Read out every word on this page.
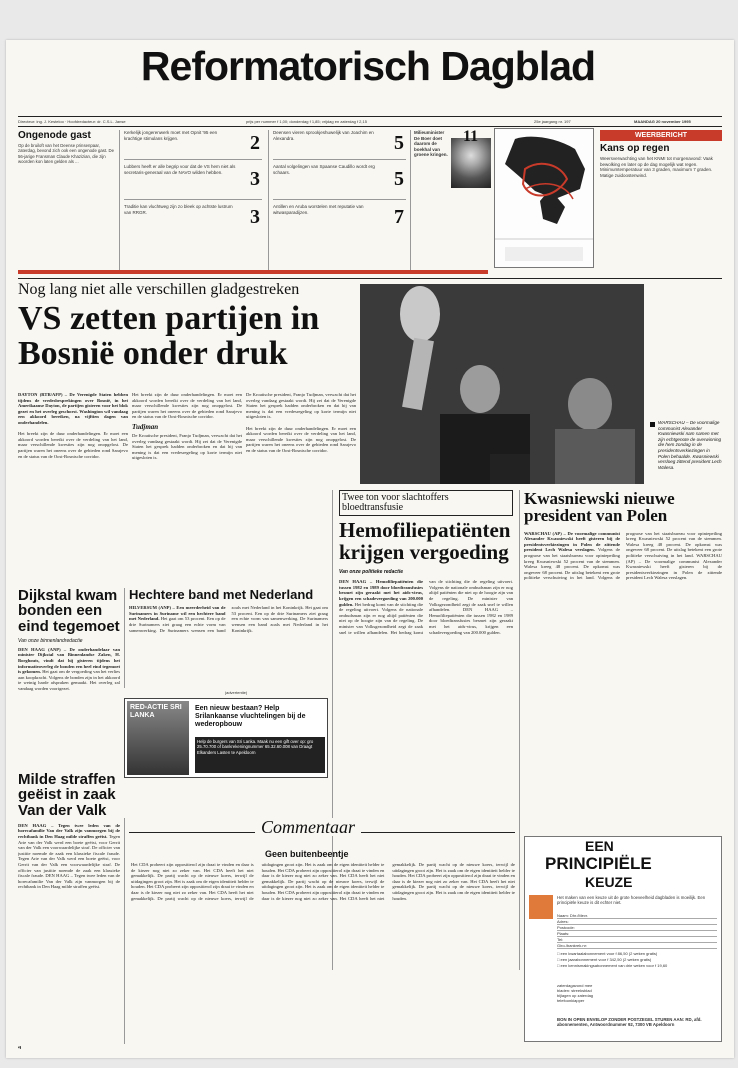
Reformatorisch Dagblad
Directeur: ing. J. Kesteloo · Hoofdredacteur: dr. C.S.L. Janse	prijs per nummer f 1,00; donderdag f 1,85; vrijdag en zaterdag f 2,15	25e jaargang nr. 197	MAANDAG 20 november 1995
Ongenode gast
Op de bruiloft van het Deense prinsenpaar, zaterdag, bevond zich ook een ongenode gast. De 56-jarige Fransman Claude Khazizian, die zijn woorden kon laten gelden als ...
Kerkelijk jongerenwerk moet met Opnit '95 een krachtige stimulans krijgen.	2
Lubbers heeft er alle begrip voor dat de VS hem niet als secretaris-generaal van de NAVO wilden hebben.	3
Traditie kan vluchtweg zijn zo bleek op achtste lustrum van RRGR.	3
Deensen vieren sprookjeshuwelijk van Joachim en Alexandra.	5
Aantal volgelingen van Spaanse Caudillo wordt erg schaars.	5
Antillen en Aruba worstelen met reputatie van witwasparadijzen.	7
Milieuminister De Boer doet daarom de boekhal van groene kringen.
11	WEERBERICHT
Kans op regen
Weersverwachting van het KNMI tot morgenavond: Vaak bewolking en later op de dag mogelijk wat regen. Minimumtemperatuur van 3 graden, maximum 7 graden. Matige zuidoostenwind.
Nog lang niet alle verschillen gladgestreken
VS zetten partijen in Bosnië onder druk
DAYTON (RTR/AFP) – De Verenigde Staten hebben tijdens de vredesbesprekingen over Bosnië, in het Amerikaanse Dayton, de partijen gisteren voor het blok gezet en het overleg geschorst. Washington wil vandaag een akkoord bereiken, na vijftien dagen van onderhandelen.

Het breekt zijn de duur onderhandelingen. Er moet een akkoord worden bereikt over de verdeling van het land, maar verschillende kwesties zijn nog onopgelost. De partijen waren het oneens over de gebieden rond Sarajevo en de status van de Oost-Bosnische corridor.
Het breekt zijn de duur onderhandelingen. Er moet een akkoord worden bereikt over de verdeling van het land, maar verschillende kwesties zijn nog onopgelost. De partijen waren het oneens over de gebieden rond Sarajevo en de status van de Oost-Bosnische corridor.

Tudjman
De Kroatische president, Franjo Tudjman, verwacht dat het overleg vandaag gestaakt wordt. Hij zei dat de Verenigde Staten het gesprek hadden onderbroken en dat hij van mening is dat een vredesregeling op korte termijn niet uitgesloten is.
De Kroatische president, Franjo Tudjman, verwacht dat het overleg vandaag gestaakt wordt. Hij zei dat de Verenigde Staten het gesprek hadden onderbroken en dat hij van mening is dat een vredesregeling op korte termijn niet uitgesloten is.

Het breekt zijn de duur onderhandelingen. Er moet een akkoord worden bereikt over de verdeling van het land, maar verschillende kwesties zijn nog onopgelost. De partijen waren het oneens over de gebieden rond Sarajevo en de status van de Oost-Bosnische corridor.
WARSCHAU – De voormalige communist Alexander Kwasniewski nam samen met zijn echtgenote de overwinning die hem zondag in de presidentsverkiezingen in Polen behaalde. Kwasniewski versloeg zittend president Lech Walesa.
Twee ton voor slachtoffers bloedtransfusie
Hemofiliepatiënten krijgen vergoeding
Van onze politieke redactie
DEN HAAG – Hemofiliepatiënten die tussen 1982 en 1989 door bloedtransfusies besmet zijn geraakt met het aids-virus, krijgen een schadevergoeding van 200.000 gulden. Het bedrag komt van de stichting die de regeling uitvoert. Volgens de nationale ombudsman zijn er nog altijd patiënten die niet op de hoogte zijn van de regeling. De minister van Volksgezondheid zegt de zaak snel te willen afhandelen. Het bedrag komt van de stichting die de regeling uitvoert. Volgens de nationale ombudsman zijn er nog altijd patiënten die niet op de hoogte zijn van de regeling. De minister van Volksgezondheid zegt de zaak snel te willen afhandelen.	DEN HAAG – Hemofiliepatiënten die tussen 1982 en 1989 door bloedtransfusies besmet zijn geraakt met het aids-virus, krijgen een schadevergoeding van 200.000 gulden.
Kwasniewski nieuwe president van Polen
WARSCHAU (AP) – De voormalige communist Alexander Kwasniewski heeft gisteren bij de presidentsverkiezingen in Polen de zittende president Lech Walesa verslagen. Volgens de prognose van het staatsbureau voor opiniepeiling kreeg Kwasniewski 52 procent van de stemmen. Walesa kreeg 48 procent. De opkomst was ongeveer 68 procent. De uitslag betekent een grote politieke verschuiving in het land. Volgens de prognose van het staatsbureau voor opiniepeiling kreeg Kwasniewski 52 procent van de stemmen. Walesa kreeg 48 procent. De opkomst was ongeveer 68 procent. De uitslag betekent een grote politieke verschuiving in het land. WARSCHAU (AP) – De voormalige communist Alexander Kwasniewski heeft gisteren bij de presidentsverkiezingen in Polen de zittende president Lech Walesa verslagen.
Dijkstal kwam bonden een eind tegemoet
Van onze binnenlandredactie
DEN HAAG (ANP) – De onderhandelaar van minister Dijkstal van Binnenlandse Zaken, H. Borghouts, vindt dat hij gisteren tijdens het informatieoverleg de bonden een heel eind tegemoet is gekomen. Het gaat om de vergoeding van het verlies aan koopkracht. Volgens de bonden zijn in het akkoord te weinig harde afspraken gemaakt. Het overleg zal vandaag worden voortgezet.
Hechtere band met Nederland
HILVERSUM (ANP) – Een meerderheid van de Surinamers in Suriname wil een hechtere band met Nederland. Het gaat om 53 procent. Een op de drie Surinamers ziet graag een echte vorm van samenwerking. De Surinamers wensen een band zoals met Nederland in het Koninkrijk. Het gaat om 53 procent. Een op de drie Surinamers ziet graag een echte vorm van samenwerking. De Surinamers wensen een band zoals met Nederland in het Koninkrijk.
(advertentie)
RED-ACTIE SRI LANKA
Een nieuw bestaan? Help Srilankaanse vluchtelingen bij de wederopbouw
Help de burgers van Sri Lanka. Maak nu een gift over op: gro 25.70.700 of bankrekeningnummer 65.32.60.008 van Draagt Elkanders Lasten te Apeldoorn
Milde straffen geëist in zaak Van der Valk
DEN HAAG – Tegen twee leden van de horecafamilie Van der Valk zijn vanmorgen bij de rechtbank in Den Haag milde straffen geëist. Tegen Arie van der Valk werd een boete geëist, voor Gerrit van der Valk een voorwaardelijke straf. De officier van justitie noemde de zaak een klassieke fiscale fraude. Tegen Arie van der Valk werd een boete geëist, voor Gerrit van der Valk een voorwaardelijke straf. De officier van justitie noemde de zaak een klassieke fiscale fraude. DEN HAAG – Tegen twee leden van de horecafamilie Van der Valk zijn vanmorgen bij de rechtbank in Den Haag milde straffen geëist.
Commentaar
Geen buitenbeentje
Het CDA probeert zijn oppositierol zijn draai te vinden en daar is de kiezer nog niet zo zeker van. Het CDA heeft het niet gemakkelijk. De partij wacht op de nieuwe koers, terwijl de uitdagingen groot zijn. Het is zaak om de eigen identiteit helder te houden. Het CDA probeert zijn oppositierol zijn draai te vinden en daar is de kiezer nog niet zo zeker van. Het CDA heeft het niet gemakkelijk. De partij wacht op de nieuwe koers, terwijl de uitdagingen groot zijn. Het is zaak om de eigen identiteit helder te houden. Het CDA probeert zijn oppositierol zijn draai te vinden en daar is de kiezer nog niet zo zeker van. Het CDA heeft het niet gemakkelijk. De partij wacht op de nieuwe koers, terwijl de uitdagingen groot zijn. Het is zaak om de eigen identiteit helder te houden. Het CDA probeert zijn oppositierol zijn draai te vinden en daar is de kiezer nog niet zo zeker van. Het CDA heeft het niet gemakkelijk. De partij wacht op de nieuwe koers, terwijl de uitdagingen groot zijn. Het is zaak om de eigen identiteit helder te houden. Het CDA probeert zijn oppositierol zijn draai te vinden en daar is de kiezer nog niet zo zeker van. Het CDA heeft het niet gemakkelijk. De partij wacht op de nieuwe koers, terwijl de uitdagingen groot zijn. Het is zaak om de eigen identiteit helder te houden.
EEN
PRINCIPIËLE
KEUZE
Het maken van een keuze uit de grote hoeveelheid dagbladen is moeilijk. Een principiële keuze is dit echter niet.
Naam: Dhr./Mevr.
Adres:
Postcode:
Plaats:
Tel:
Giro-/bankrek.nr:
□ een kwartaalabonnement voor f 86,50 (2 weken gratis)
□ een jaarabonnement voor f 342,50 (2 weken gratis)
□ een kennismakingsabonnement van drie weken voor f 19,60
zaterdagavond mee
bladen: streeksblad
bijlagen op zaterdag
telefoonkiapper
BON IN OPEN ENVELOP ZONDER POSTZEGEL STUREN AAN: RD, afd. abonnementen, Antwoordnummer 92, 7300 VB Apeldoorn
4
